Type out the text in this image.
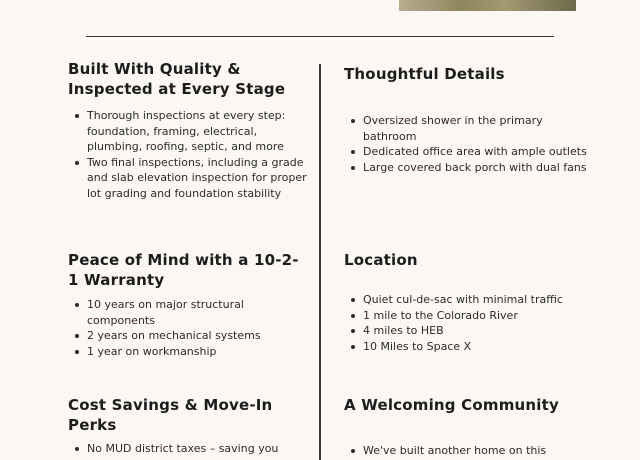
Built With Quality & Inspected at Every Stage
Thorough inspections at every step: foundation, framing, electrical, plumbing, roofing, septic, and more
Two final inspections, including a grade and slab elevation inspection for proper lot grading and foundation stability
Peace of Mind with a 10-2-1 Warranty
10 years on major structural components
2 years on mechanical systems
1 year on workmanship
Cost Savings & Move-In Perks
No MUD district taxes – saving you
Thoughtful Details
Oversized shower in the primary bathroom
Dedicated office area with ample outlets
Large covered back porch with dual fans
Location
Quiet cul-de-sac with minimal traffic
1 mile to the Colorado River
4 miles to HEB
10 Miles to Space X
A Welcoming Community
We've built another home on this
